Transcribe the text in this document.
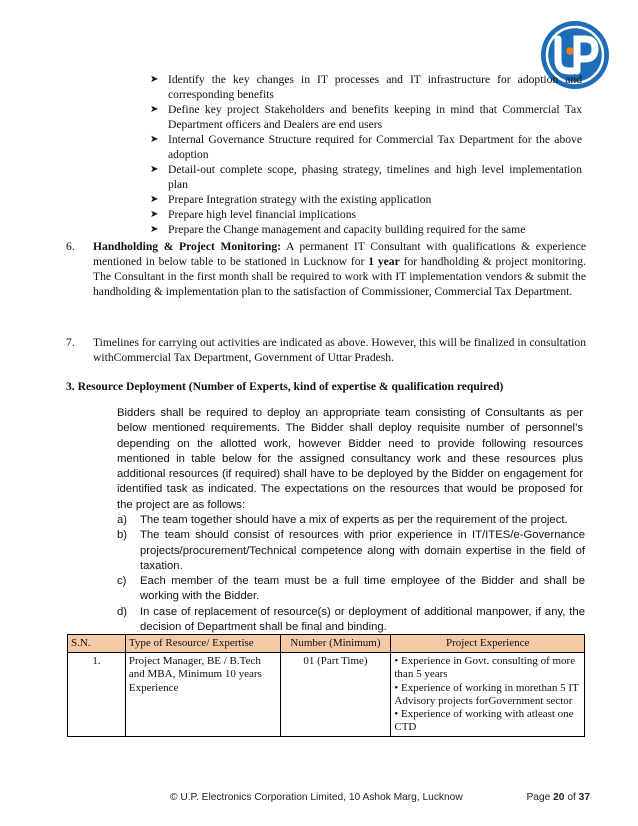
UP
➤ Identify the key changes in IT processes and IT infrastructure for adoption and corresponding benefits
➤ Define key project Stakeholders and benefits keeping in mind that Commercial Tax Department officers and Dealers are end users
➤ Internal Governance Structure required for Commercial Tax Department for the above adoption
➤ Detail-out complete scope, phasing strategy, timelines and high level implementation plan
➤ Prepare Integration strategy with the existing application
➤ Prepare high level financial implications
➤ Prepare the Change management and capacity building required for the same
6. Handholding & Project Monitoring: A permanent IT Consultant with qualifications & experience mentioned in below table to be stationed in Lucknow for 1 year for handholding & project monitoring. The Consultant in the first month shall be required to work with IT implementation vendors & submit the handholding & implementation plan to the satisfaction of Commissioner, Commercial Tax Department.
7. Timelines for carrying out activities are indicated as above. However, this will be finalized in consultation withCommercial Tax Department, Government of Uttar Pradesh.
3. Resource Deployment (Number of Experts, kind of expertise & qualification required)
Bidders shall be required to deploy an appropriate team consisting of Consultants as per below mentioned requirements. The Bidder shall deploy requisite number of personnel’s depending on the allotted work, however Bidder need to provide following resources mentioned in table below for the assigned consultancy work and these resources plus additional resources (if required) shall have to be deployed by the Bidder on engagement for identified task as indicated. The expectations on the resources that would be proposed for the project are as follows:
a) The team together should have a mix of experts as per the requirement of the project.
b) The team should consist of resources with prior experience in IT/ITES/e-Governance projects/procurement/Technical competence along with domain expertise in the field of taxation.
c) Each member of the team must be a full time employee of the Bidder and shall be working with the Bidder.
d) In case of replacement of resource(s) or deployment of additional manpower, if any, the decision of Department shall be final and binding.
S.N.	Type of Resource/ Expertise	Number (Minimum)	Project Experience
1.	Project Manager, BE / B.Tech and MBA, Minimum 10 years Experience	01 (Part Time)	• Experience in Govt. consulting of more than 5 years
• Experience of working in morethan 5 IT Advisory projects forGovernment sector
• Experience of working with atleast one CTD
© U.P. Electronics Corporation Limited, 10 Ashok Marg, Lucknow	Page 20 of 37
